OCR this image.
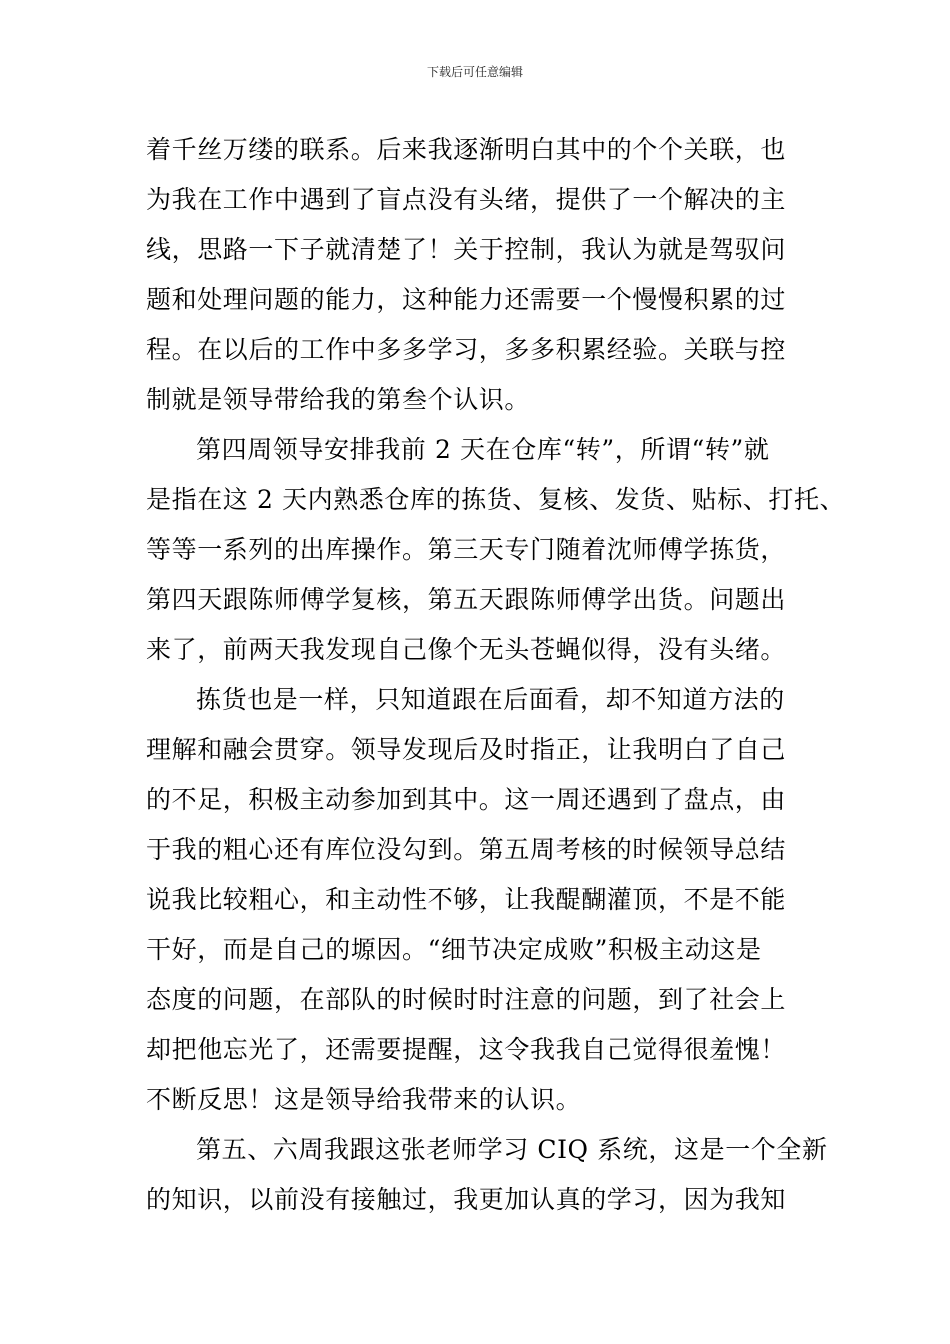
下载后可任意编辑
着千丝万缕的联系。后来我逐渐明白其中的个个关联，也
为我在工作中遇到了盲点没有头绪，提供了一个解决的主
线，思路一下子就清楚了！关于控制，我认为就是驾驭问
题和处理问题的能力，这种能力还需要一个慢慢积累的过
程。在以后的工作中多多学习，多多积累经验。关联与控
制就是领导带给我的第叁个认识。
第四周领导安排我前 2 天在仓库“转”，所谓“转”就
是指在这 2 天内熟悉仓库的拣货、复核、发货、贴标、打托、
等等一系列的出库操作。第三天专门随着沈师傅学拣货，
第四天跟陈师傅学复核，第五天跟陈师傅学出货。问题出
来了，前两天我发现自己像个无头苍蝇似得，没有头绪。
拣货也是一样，只知道跟在后面看，却不知道方法的
理解和融会贯穿。领导发现后及时指正，让我明白了自己
的不足，积极主动参加到其中。这一周还遇到了盘点，由
于我的粗心还有库位没勾到。第五周考核的时候领导总结
说我比较粗心，和主动性不够，让我醍醐灌顶，不是不能
干好，而是自己的塬因。“细节决定成败”积极主动这是
态度的问题，在部队的时候时时注意的问题，到了社会上
却把他忘光了，还需要提醒，这令我我自己觉得很羞愧！
不断反思！这是领导给我带来的认识。
第五、六周我跟这张老师学习 CIQ 系统，这是一个全新
的知识，以前没有接触过，我更加认真的学习，因为我知
